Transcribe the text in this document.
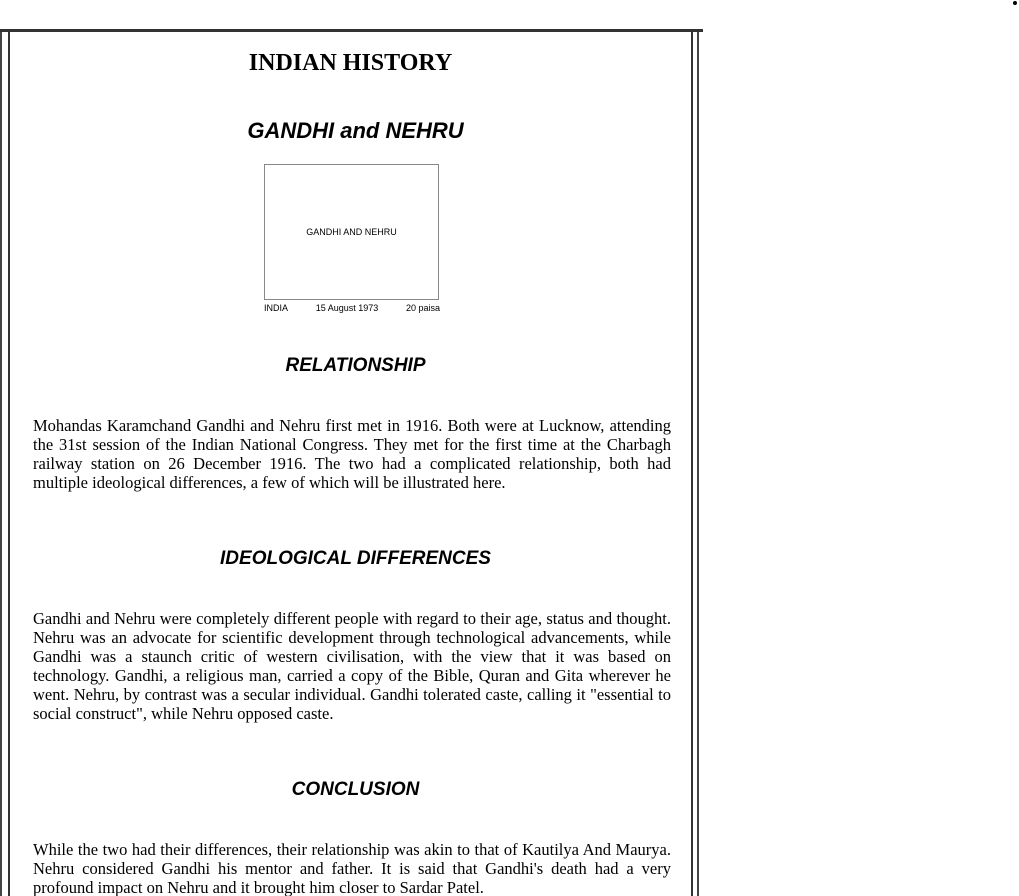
INDIAN HISTORY
GANDHI and NEHRU
GANDHI AND NEHRU
INDIA	15 August 1973	20 paisa
RELATIONSHIP

Mohandas Karamchand Gandhi and Nehru first met in 1916. Both were at Lucknow, attending the 31st session of the Indian National Congress. They met for the first time at the Charbagh railway station on 26 December 1916. The two had a complicated relationship, both had multiple ideological differences, a few of which will be illustrated here.

IDEOLOGICAL DIFFERENCES

Gandhi and Nehru were completely different people with regard to their age, status and thought. Nehru was an advocate for scientific development through technological advancements, while Gandhi was a staunch critic of western civilisation, with the view that it was based on technology. Gandhi, a religious man, carried a copy of the Bible, Quran and Gita wherever he went. Nehru, by contrast was a secular individual. Gandhi tolerated caste, calling it "essential to social construct", while Nehru opposed caste.

CONCLUSION

While the two had their differences, their relationship was akin to that of Kautilya And Maurya. Nehru considered Gandhi his mentor and father. It is said that Gandhi's death had a very profound impact on Nehru and it brought him closer to Sardar Patel.
